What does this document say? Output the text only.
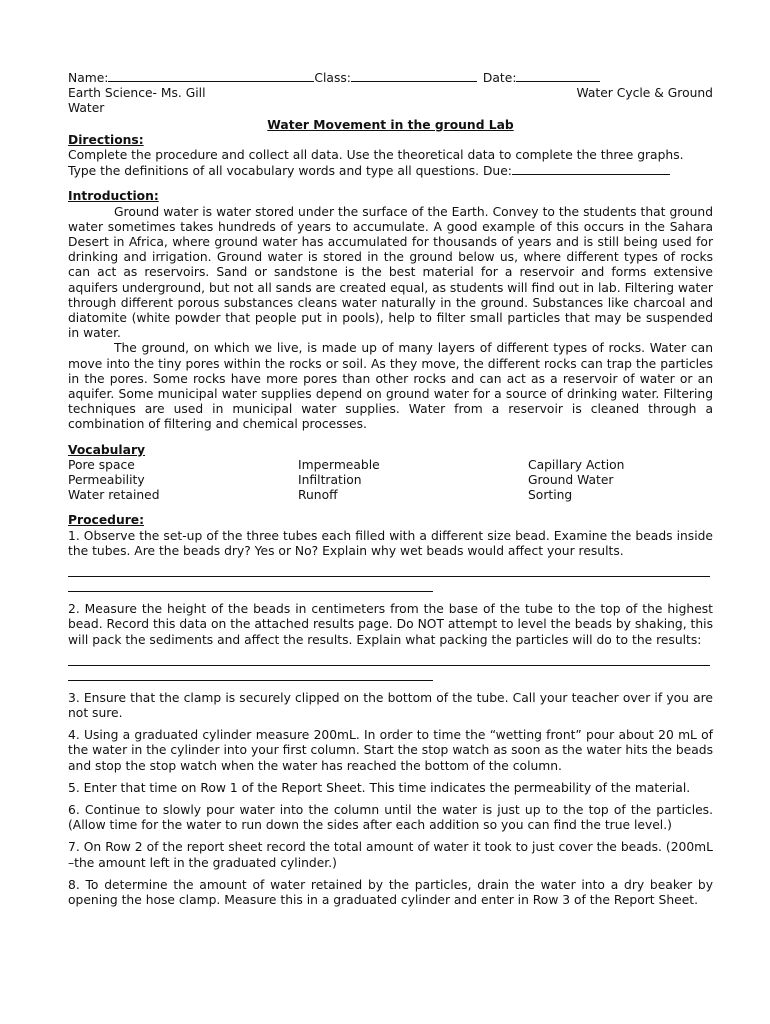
Name:	Class:	Date:
Earth Science- Ms. Gill	Water Cycle & Ground
Water
Water Movement in the ground Lab
Directions:
Complete the procedure and collect all data. Use the theoretical data to complete the three graphs.
Type the definitions of all vocabulary words and type all questions. Due:
Introduction:

Ground water is water stored under the surface of the Earth. Convey to the students that ground water sometimes takes hundreds of years to accumulate. A good example of this occurs in the Sahara Desert in Africa, where ground water has accumulated for thousands of years and is still being used for drinking and irrigation. Ground water is stored in the ground below us, where different types of rocks can act as reservoirs. Sand or sandstone is the best material for a reservoir and forms extensive aquifers underground, but not all sands are created equal, as students will find out in lab. Filtering water through different porous substances cleans water naturally in the ground. Substances like charcoal and diatomite (white powder that people put in pools), help to filter small particles that may be suspended in water.

The ground, on which we live, is made up of many layers of different types of rocks. Water can move into the tiny pores within the rocks or soil. As they move, the different rocks can trap the particles in the pores. Some rocks have more pores than other rocks and can act as a reservoir of water or an aquifer. Some municipal water supplies depend on ground water for a source of drinking water. Filtering techniques are used in municipal water supplies. Water from a reservoir is cleaned through a combination of filtering and chemical processes.

Vocabulary
Pore space	Impermeable	Capillary Action
Permeability	Infiltration	Ground Water
Water retained	Runoff	Sorting
Procedure:

1. Observe the set-up of the three tubes each filled with a different size bead. Examine the beads inside the tubes. Are the beads dry? Yes or No? Explain why wet beads would affect your results.

2. Measure the height of the beads in centimeters from the base of the tube to the top of the highest bead. Record this data on the attached results page. Do NOT attempt to level the beads by shaking, this will pack the sediments and affect the results. Explain what packing the particles will do to the results:

3. Ensure that the clamp is securely clipped on the bottom of the tube. Call your teacher over if you are not sure.

4. Using a graduated cylinder measure 200mL. In order to time the “wetting front” pour about 20 mL of the water in the cylinder into your first column. Start the stop watch as soon as the water hits the beads and stop the stop watch when the water has reached the bottom of the column.

5. Enter that time on Row 1 of the Report Sheet. This time indicates the permeability of the material.

6. Continue to slowly pour water into the column until the water is just up to the top of the particles. (Allow time for the water to run down the sides after each addition so you can find the true level.)

7. On Row 2 of the report sheet record the total amount of water it took to just cover the beads. (200mL –the amount left in the graduated cylinder.)

8. To determine the amount of water retained by the particles, drain the water into a dry beaker by opening the hose clamp. Measure this in a graduated cylinder and enter in Row 3 of the Report Sheet.
